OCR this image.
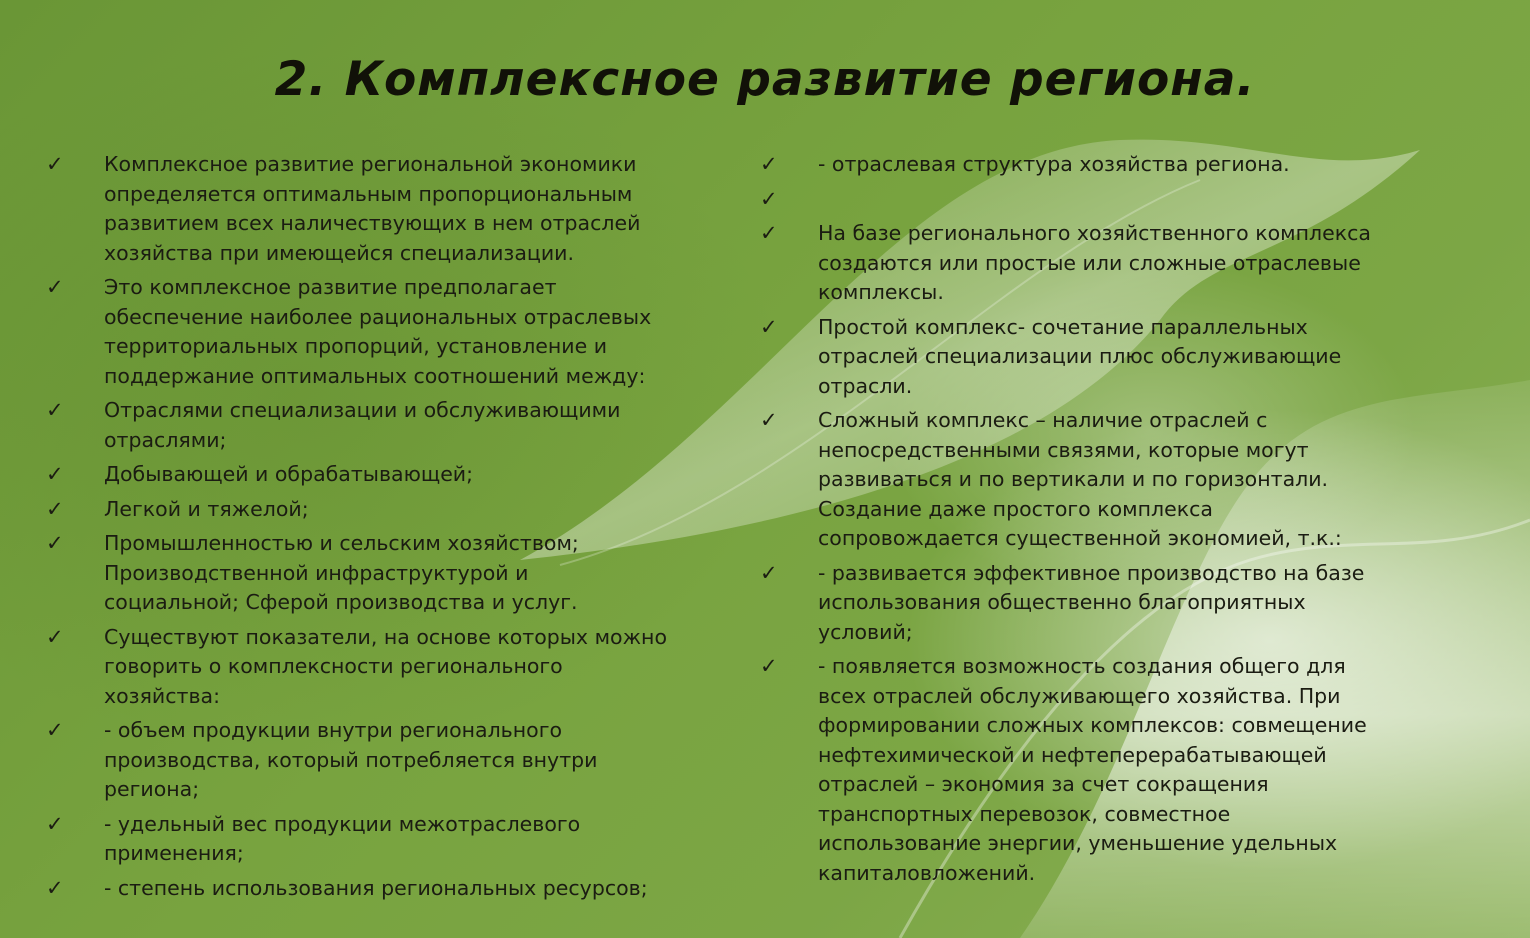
2. Комплексное развитие региона.
✓ Комплексное развитие региональной экономики
определяется оптимальным пропорциональным
развитием всех наличествующих в нем отраслей
хозяйства при имеющейся специализации.
✓ Это комплексное развитие предполагает
обеспечение наиболее рациональных отраслевых
территориальных пропорций, установление и
поддержание оптимальных соотношений между:
✓ Отраслями специализации и обслуживающими
отраслями;
✓ Добывающей и обрабатывающей;
✓ Легкой и тяжелой;
✓ Промышленностью и сельским хозяйством;
Производственной инфраструктурой и
социальной; Сферой производства и услуг.
✓ Существуют показатели, на основе которых можно
говорить о комплексности регионального
хозяйства:
✓ - объем продукции внутри регионального
производства, который потребляется внутри
региона;
✓ - удельный вес продукции межотраслевого
применения;
✓ - степень использования региональных ресурсов;
✓ - отраслевая структура хозяйства региона.
✓
✓ На базе регионального хозяйственного комплекса
создаются или простые или сложные отраслевые
комплексы.
✓ Простой комплекс- сочетание параллельных
отраслей специализации плюс обслуживающие
отрасли.
✓ Сложный комплекс – наличие отраслей с
непосредственными связями, которые могут
развиваться и по вертикали и по горизонтали.
Создание даже простого комплекса
сопровождается существенной экономией, т.к.:
✓ - развивается эффективное производство на базе
использования общественно благоприятных
условий;
✓ - появляется возможность создания общего для
всех отраслей обслуживающего хозяйства. При
формировании сложных комплексов: совмещение
нефтехимической и нефтеперерабатывающей
отраслей – экономия за счет сокращения
транспортных перевозок, совместное
использование энергии, уменьшение удельных
капиталовложений.
